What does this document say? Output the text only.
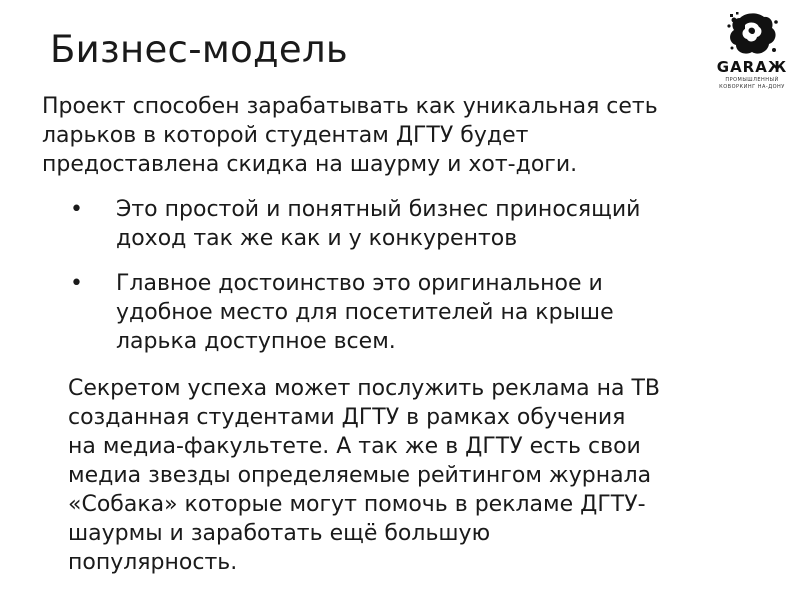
Бизнес-модель	GARAЖ
ПРОМЫШЛЕННЫЙ
КОВОРКИНГ НА-ДОНУ
Проект способен зарабатывать как уникальная сеть
ларьков в которой студентам ДГТУ будет
предоставлена скидка на шаурму и хот-доги.
• Это простой и понятный бизнес приносящий
доход так же как и у конкурентов
• Главное достоинство это оригинальное и
удобное место для посетителей на крыше
ларька доступное всем.
Секретом успеха может послужить реклама на ТВ
созданная студентами ДГТУ в рамках обучения
на медиа-факультете. А так же в ДГТУ есть свои
медиа звезды определяемые рейтингом журнала
«Собака» которые могут помочь в рекламе ДГТУ-
шаурмы и заработать ещё большую
популярность.
